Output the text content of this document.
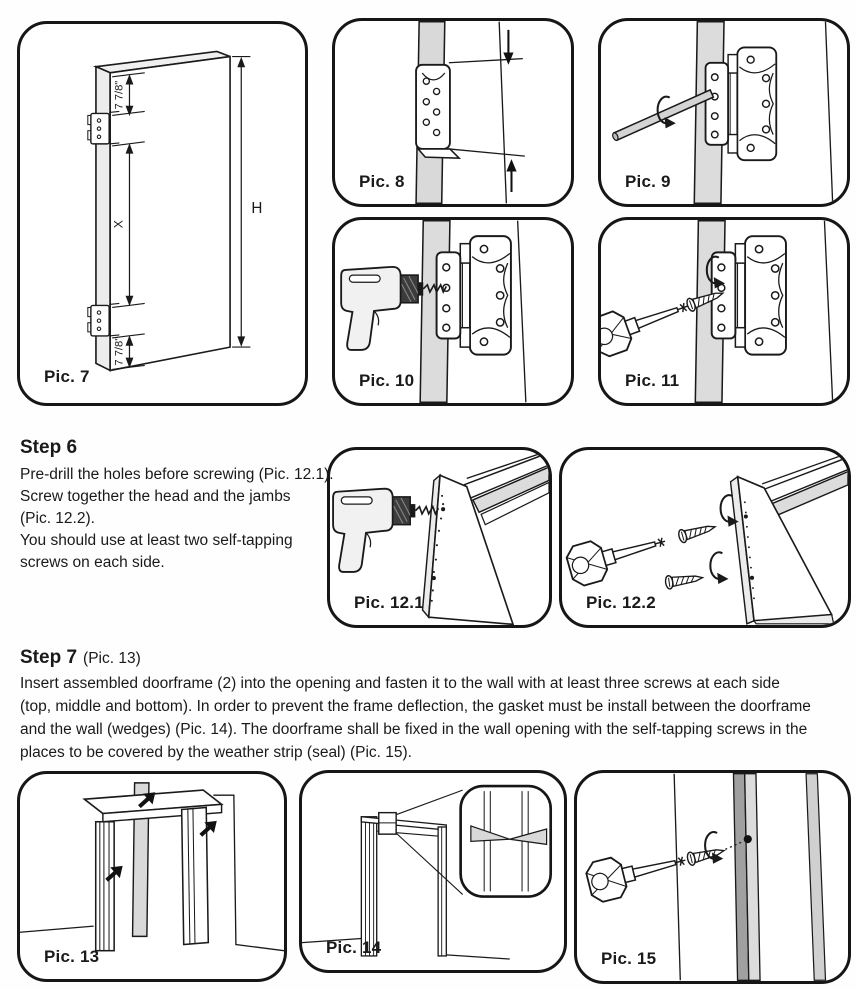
7 7/8"
X
7 7/8"
H
Pic. 7
Pic. 8	Pic. 9
Pic. 10	Pic. 11
Pic. 12.1	Pic. 12.2
Pic. 13	Pic. 14
Pic. 15
Step 6
Pre-drill the holes before screwing (Pic. 12.1).
Screw together the head and the jambs
(Pic. 12.2).
You should use at least two self-tapping
screws on each side.
Step 7 (Pic. 13)
Insert assembled doorframe (2) into the opening and fasten it to the wall with at least three screws at each side
(top, middle and bottom). In order to prevent the frame deflection, the gasket must be install between the doorframe
and the wall (wedges) (Pic. 14). The doorframe shall be fixed in the wall opening with the self-tapping screws in the
places to be covered by the weather strip (seal) (Pic. 15).
